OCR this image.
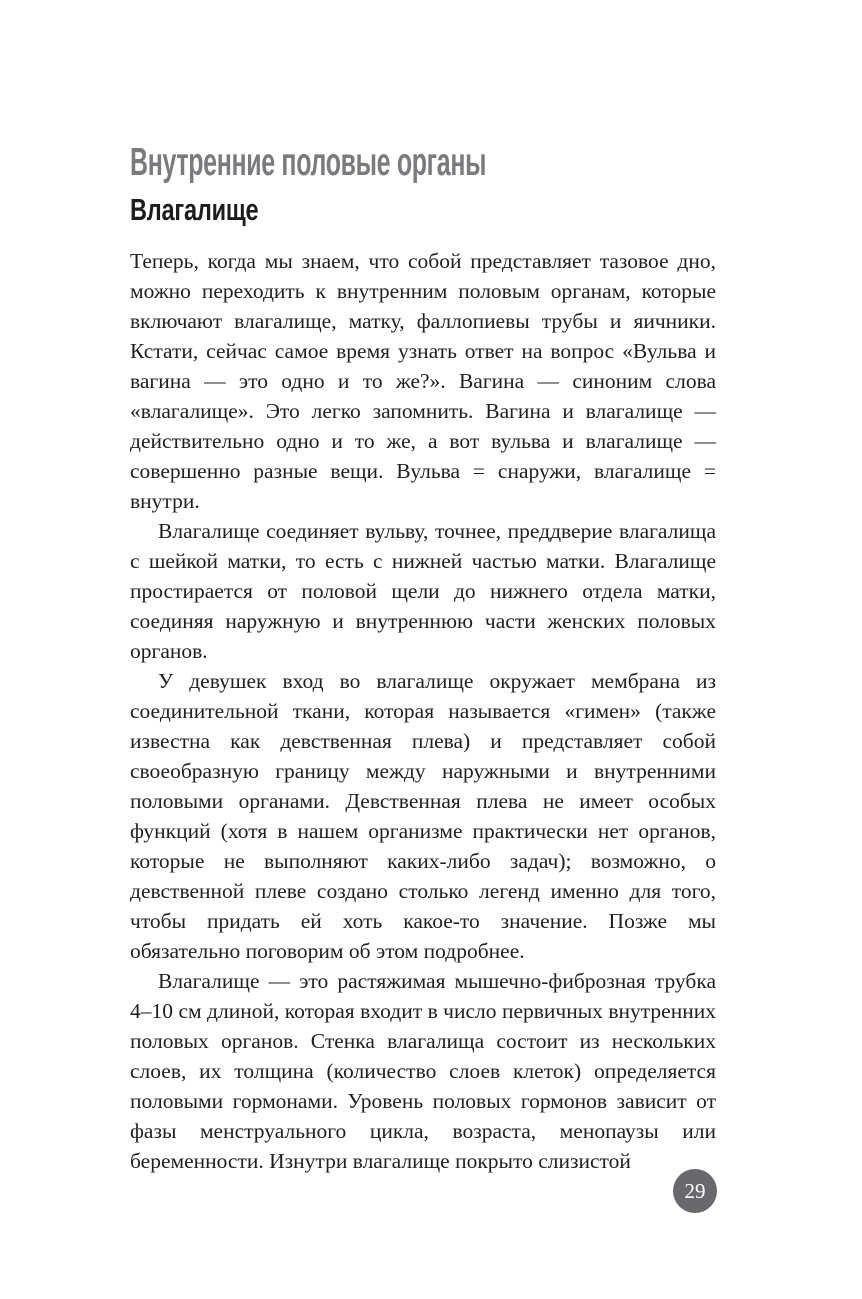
Внутренние половые органы
Влагалище

Теперь, когда мы знаем, что собой представляет тазовое дно, можно переходить к внутренним половым органам, которые включают влагалище, матку, фаллопиевы трубы и яичники. Кстати, сейчас самое время узнать ответ на вопрос «Вульва и вагина — это одно и то же?». Вагина — синоним слова «влагалище». Это легко запомнить. Вагина и влагалище — действительно одно и то же, а вот вульва и влагалище — совершенно разные вещи. Вульва = снаружи, влагалище = внутри.

Влагалище соединяет вульву, точнее, преддверие влагалища с шейкой матки, то есть с нижней частью матки. Влагалище простирается от половой щели до нижнего отдела матки, соединяя наружную и внутреннюю части женских половых органов.

У девушек вход во влагалище окружает мембрана из соединительной ткани, которая называется «гимен» (также известна как девственная плева) и представляет собой своеобразную границу между наружными и внутренними половыми органами. Девственная плева не имеет особых функций (хотя в нашем организме практически нет органов, которые не выполняют каких-либо задач); возможно, о девственной плеве создано столько легенд именно для того, чтобы придать ей хоть какое-то значение. Позже мы обязательно поговорим об этом подробнее.

Влагалище — это растяжимая мышечно-фиброзная трубка 4–10 см длиной, которая входит в число первичных внутренних половых органов. Стенка влагалища состоит из нескольких слоев, их толщина (количество слоев клеток) определяется половыми гормонами. Уровень половых гормонов зависит от фазы менструального цикла, возраста, менопаузы или беременности. Изнутри влагалище покрыто слизистой

29
